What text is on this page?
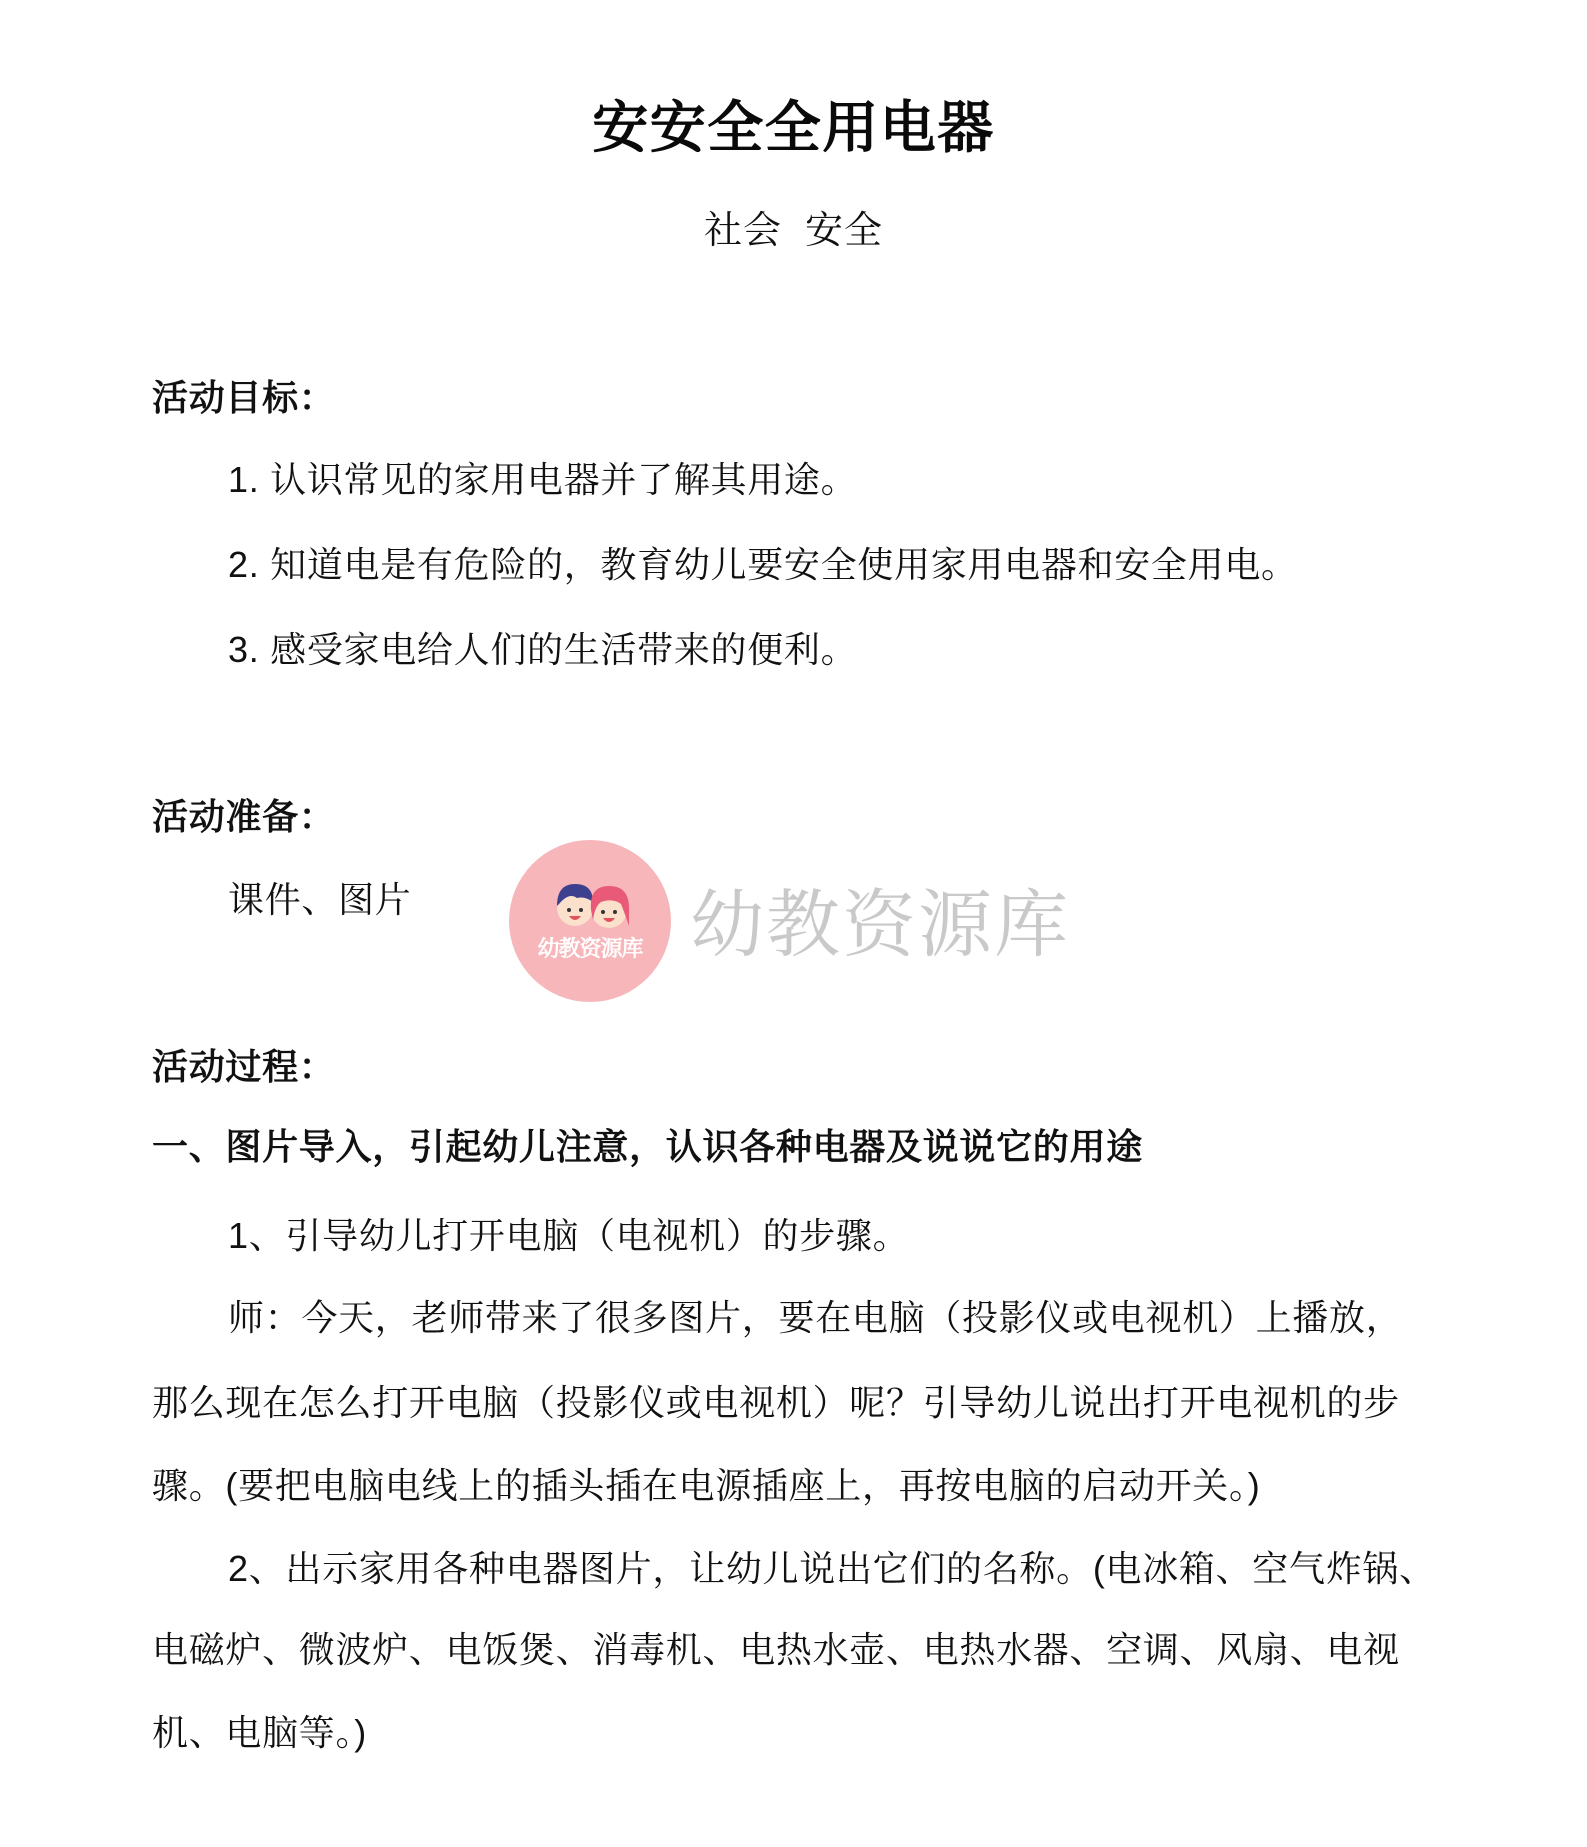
安安全全用电器
社会  安全
活动目标：
1. 认识常见的家用电器并了解其用途。
2. 知道电是有危险的，教育幼儿要安全使用家用电器和安全用电。
3. 感受家电给人们的生活带来的便利。
活动准备：
课件、图片
幼教资源库 幼教资源库
活动过程：
一、图片导入，引起幼儿注意，认识各种电器及说说它的用途
1、引导幼儿打开电脑（电视机）的步骤。
师：今天，老师带来了很多图片，要在电脑（投影仪或电视机）上播放，
那么现在怎么打开电脑（投影仪或电视机）呢？引导幼儿说出打开电视机的步
骤。(要把电脑电线上的插头插在电源插座上，再按电脑的启动开关。)
2、出示家用各种电器图片，让幼儿说出它们的名称。(电冰箱、空气炸锅、
电磁炉、微波炉、电饭煲、消毒机、电热水壶、电热水器、空调、风扇、电视
机、电脑等。)
